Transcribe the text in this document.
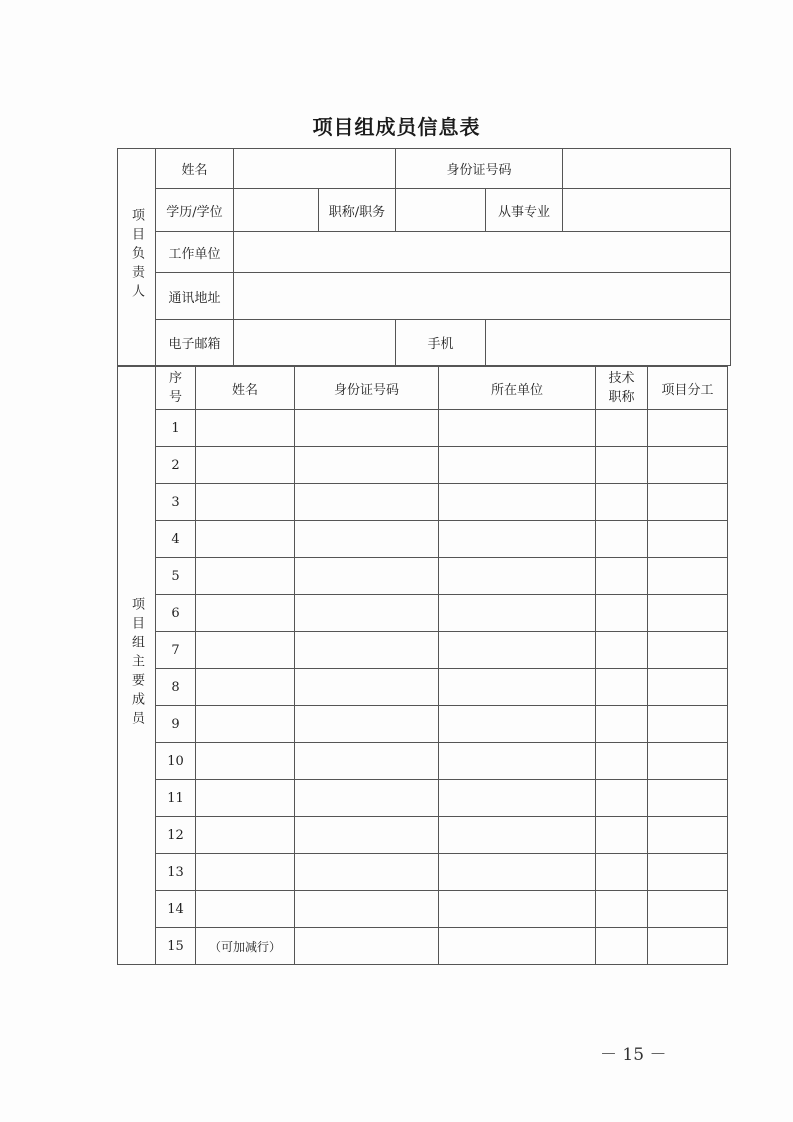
项目组成员信息表
项目负责人	姓名			身份证号码		
	学历/学位		职称/职务		从事专业	
	工作单位					
	通讯地址					
	电子邮箱			手机		
项目组主要成员	序号	姓名	身份证号码	所在单位	技术职称	项目分工
	1					
	2					
	3					
	4					
	5					
	6					
	7					
	8					
	9					
	10					
	11					
	12					
	13					
	14					
	15	（可加减行）				
－ 15 －
